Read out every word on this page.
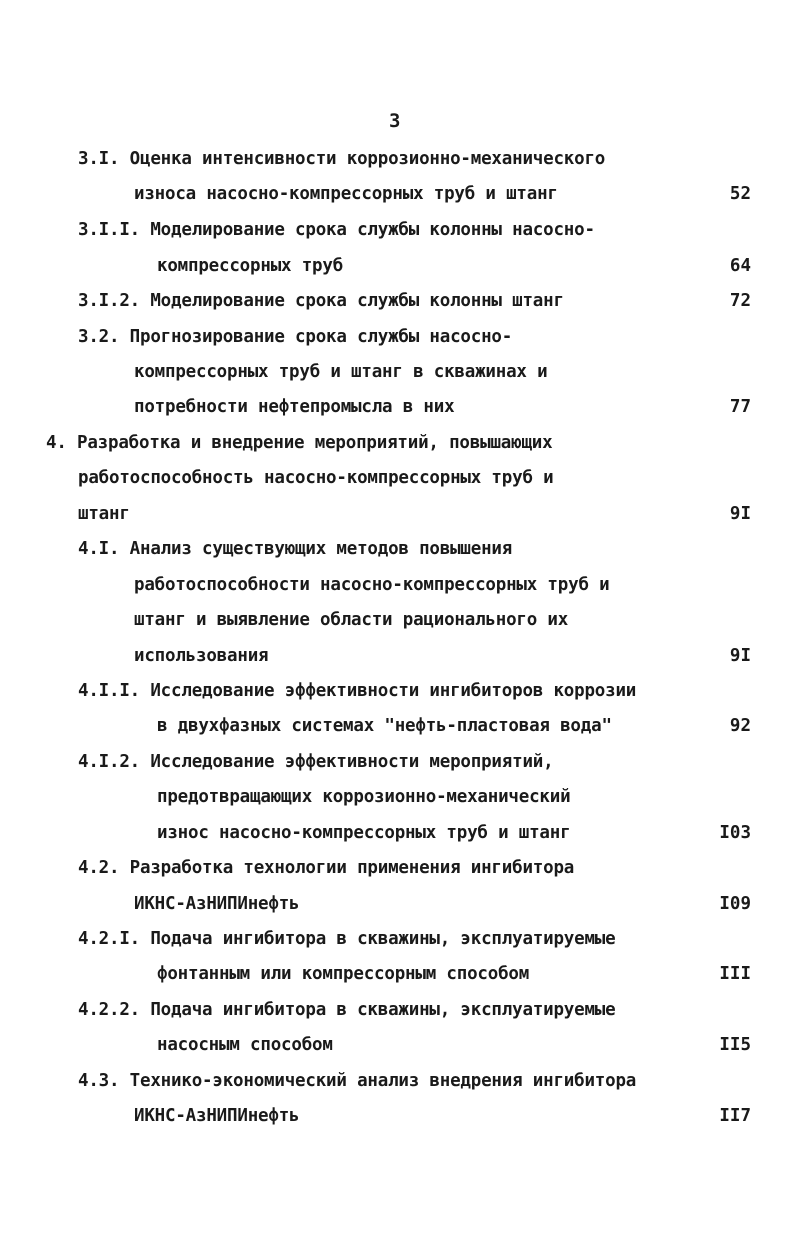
3
3.I. Оценка интенсивности коррозионно-механического
износа насосно-компрессорных труб и штанг	52
3.I.I. Моделирование срока службы колонны насосно-
компрессорных труб	64
3.I.2. Моделирование срока службы колонны штанг	72
3.2. Прогнозирование срока службы насосно-
компрессорных труб и штанг в скважинах и
потребности нефтепромысла в них	77
4. Разработка и внедрение мероприятий, повышающих
работоспособность насосно-компрессорных труб и
штанг	9I
4.I. Анализ существующих методов повышения
работоспособности насосно-компрессорных труб и
штанг и выявление области рационального их
использования	9I
4.I.I. Исследование эффективности ингибиторов коррозии
в двухфазных системах "нефть-пластовая вода"	92
4.I.2. Исследование эффективности мероприятий,
предотвращающих коррозионно-механический
износ насосно-компрессорных труб и штанг	I03
4.2. Разработка технологии применения ингибитора
ИКНС-АзНИПИнефть	I09
4.2.I. Подача ингибитора в скважины, эксплуатируемые
фонтанным или компрессорным способом	III
4.2.2. Подача ингибитора в скважины, эксплуатируемые
насосным способом	II5
4.3. Технико-экономический анализ внедрения ингибитора
ИКНС-АзНИПИнефть	II7
